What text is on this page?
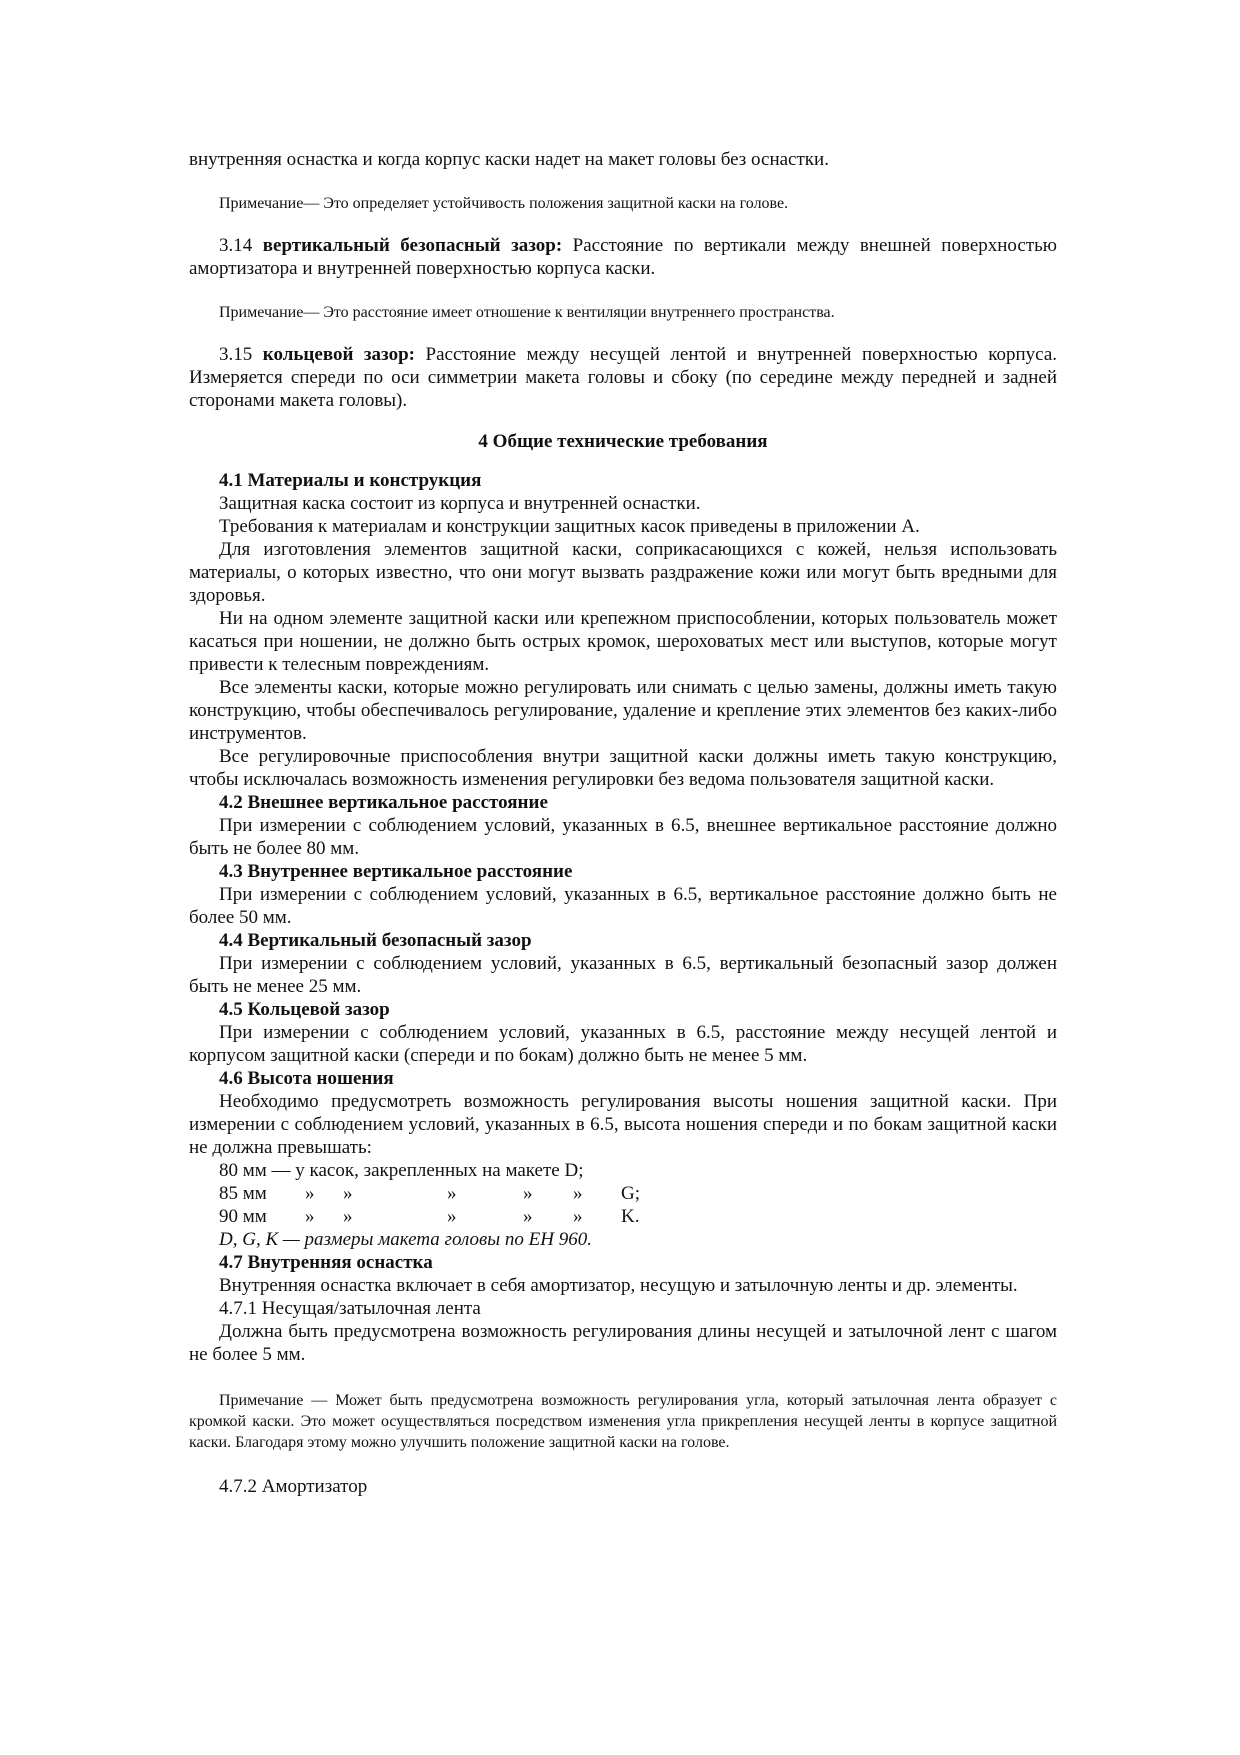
внутренняя оснастка и когда корпус каски надет на макет головы без оснастки.

Примечание— Это определяет устойчивость положения защитной каски на голове.

3.14 вертикальный безопасный зазор: Расстояние по вертикали между внешней поверхностью амортизатора и внутренней поверхностью корпуса каски.

Примечание— Это расстояние имеет отношение к вентиляции внутреннего пространства.

3.15 кольцевой зазор: Расстояние между несущей лентой и внутренней поверхностью корпуса. Измеряется спереди по оси симметрии макета головы и сбоку (по середине между передней и задней сторонами макета головы).

4 Общие технические требования

4.1 Материалы и конструкция

Защитная каска состоит из корпуса и внутренней оснастки.

Требования к материалам и конструкции защитных касок приведены в приложении А.

Для изготовления элементов защитной каски, соприкасающихся с кожей, нельзя использовать материалы, о которых известно, что они могут вызвать раздражение кожи или могут быть вредными для здоровья.

Ни на одном элементе защитной каски или крепежном приспособлении, которых пользователь может касаться при ношении, не должно быть острых кромок, шероховатых мест или выступов, которые могут привести к телесным повреждениям.

Все элементы каски, которые можно регулировать или снимать с целью замены, должны иметь такую конструкцию, чтобы обеспечивалось регулирование, удаление и крепление этих элементов без каких-либо инструментов.

Все регулировочные приспособления внутри защитной каски должны иметь такую конструкцию, чтобы исключалась возможность изменения регулировки без ведома пользователя защитной каски.

4.2 Внешнее вертикальное расстояние

При измерении с соблюдением условий, указанных в 6.5, внешнее вертикальное расстояние должно быть не более 80 мм.

4.3 Внутреннее вертикальное расстояние

При измерении с соблюдением условий, указанных в 6.5, вертикальное расстояние должно быть не более 50 мм.

4.4 Вертикальный безопасный зазор

При измерении с соблюдением условий, указанных в 6.5, вертикальный безопасный зазор должен быть не менее 25 мм.

4.5 Кольцевой зазор

При измерении с соблюдением условий, указанных в 6.5, расстояние между несущей лентой и корпусом защитной каски (спереди и по бокам) должно быть не менее 5 мм.

4.6 Высота ношения

Необходимо предусмотреть возможность регулирования высоты ношения защитной каски. При измерении с соблюдением условий, указанных в 6.5, высота ношения спереди и по бокам защитной каски не должна превышать:

80 мм — у касок, закрепленных на макете D;

85 мм	»	»	»	»	»	G;
90 мм	»	»	»	»	»	K.

D, G, K — размеры макета головы по ЕН 960.

4.7 Внутренняя оснастка

Внутренняя оснастка включает в себя амортизатор, несущую и затылочную ленты и др. элементы.

4.7.1 Несущая/затылочная лента

Должна быть предусмотрена возможность регулирования длины несущей и затылочной лент с шагом не более 5 мм.

Примечание — Может быть предусмотрена возможность регулирования угла, который затылочная лента образует с кромкой каски. Это может осуществляться посредством изменения угла прикрепления несущей ленты в корпусе защитной каски. Благодаря этому можно улучшить положение защитной каски на голове.

4.7.2 Амортизатор
